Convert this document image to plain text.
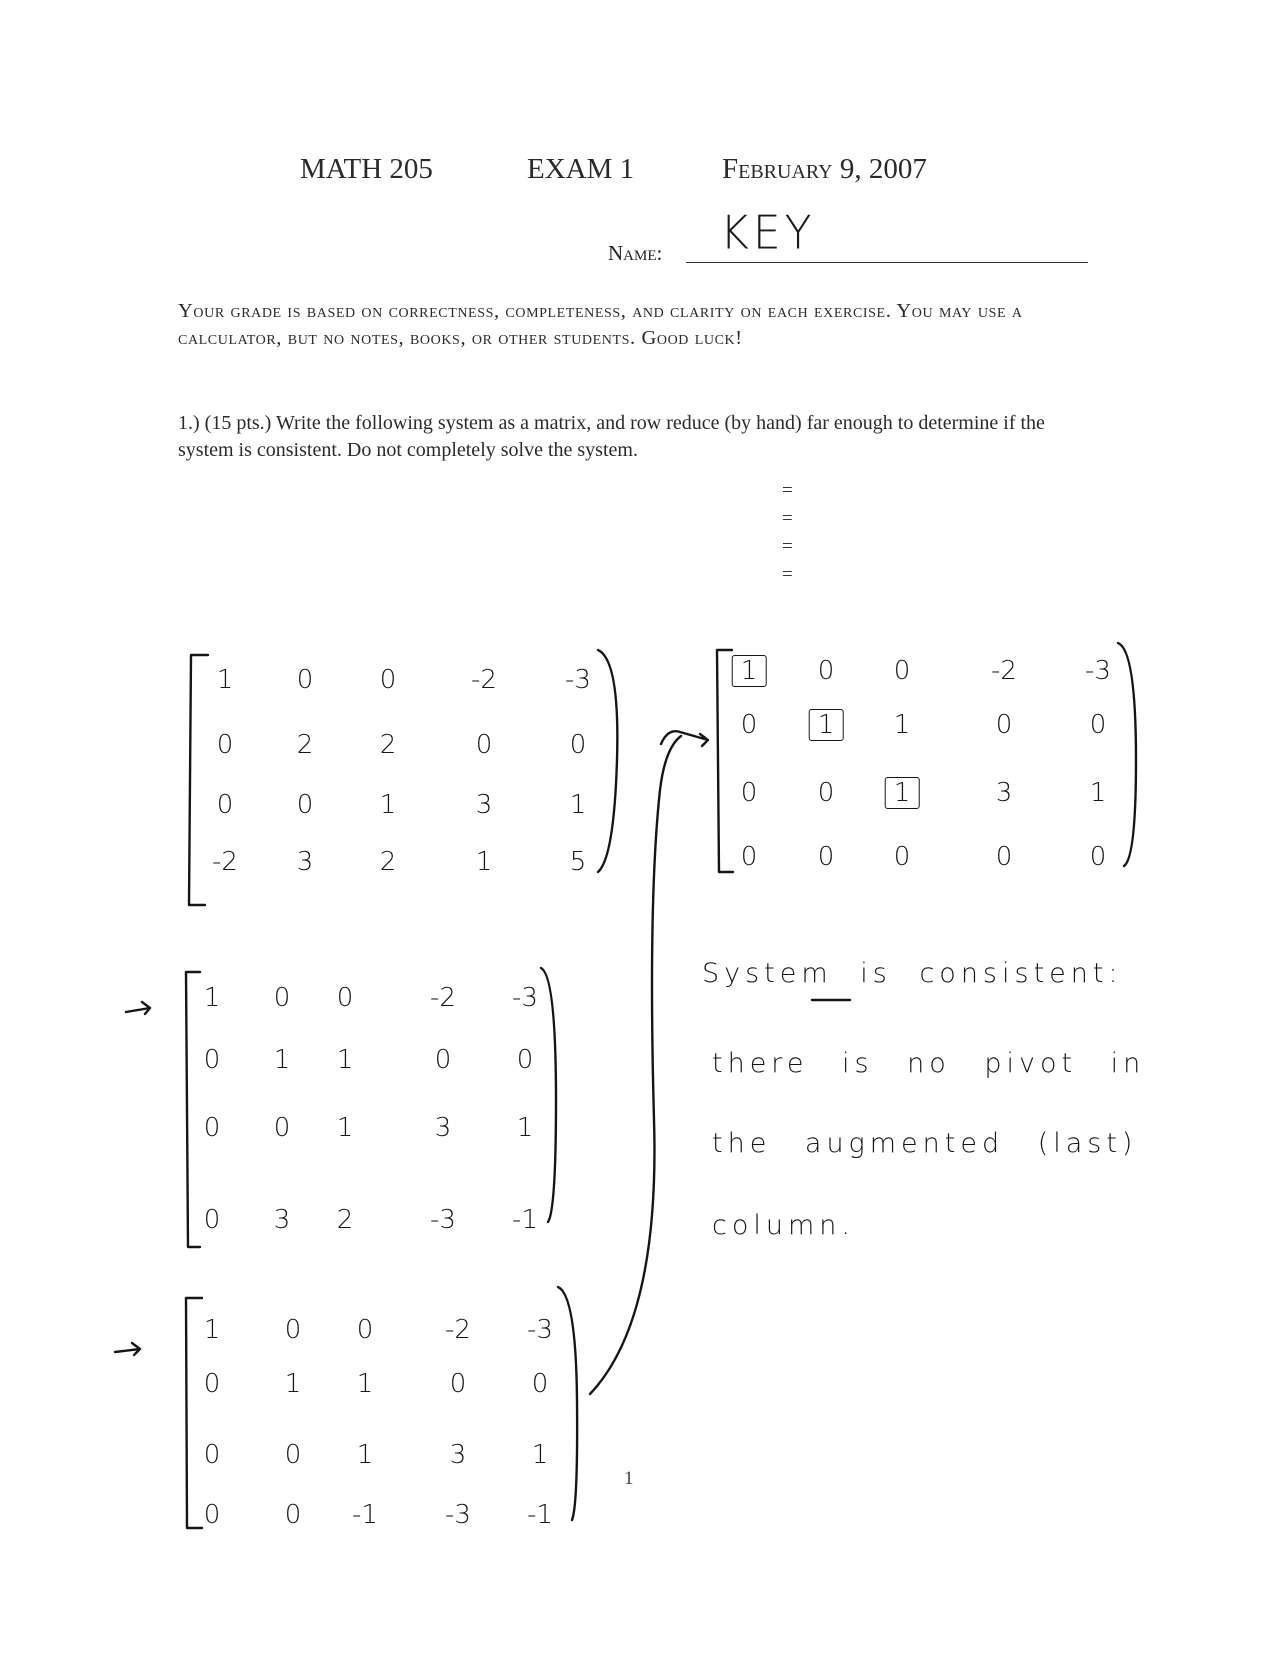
MATH 205	EXAM 1	February 9, 2007
Name: KEY
Your grade is based on correctness, completeness, and clarity on each exercise. You may use a calculator, but no notes, books, or other students. Good luck!
1.) (15 pts.) Write the following system as a matrix, and row reduce (by hand) far enough to determine if the system is consistent. Do not completely solve the system.
=
=
=
=
1 0	0	-2	-3
0 2	2	0	0
0 0	1	3	1
-2 3	2	1	5
1 0 0	-2 -3
0 1 1	0	0
0 0 1	3	1
0 3 2	-3 -1
1 0 0	-2 -3
0 1 1	0	0
0 0 1	3	1
0 0 -1	-3 -1
1	0 0	-2	-3
0	1	1	0	0
0 0	1	3	1
0 0 0	0	0
System is consistent:
there is no pivot in
the augmented (last)
column.
1
